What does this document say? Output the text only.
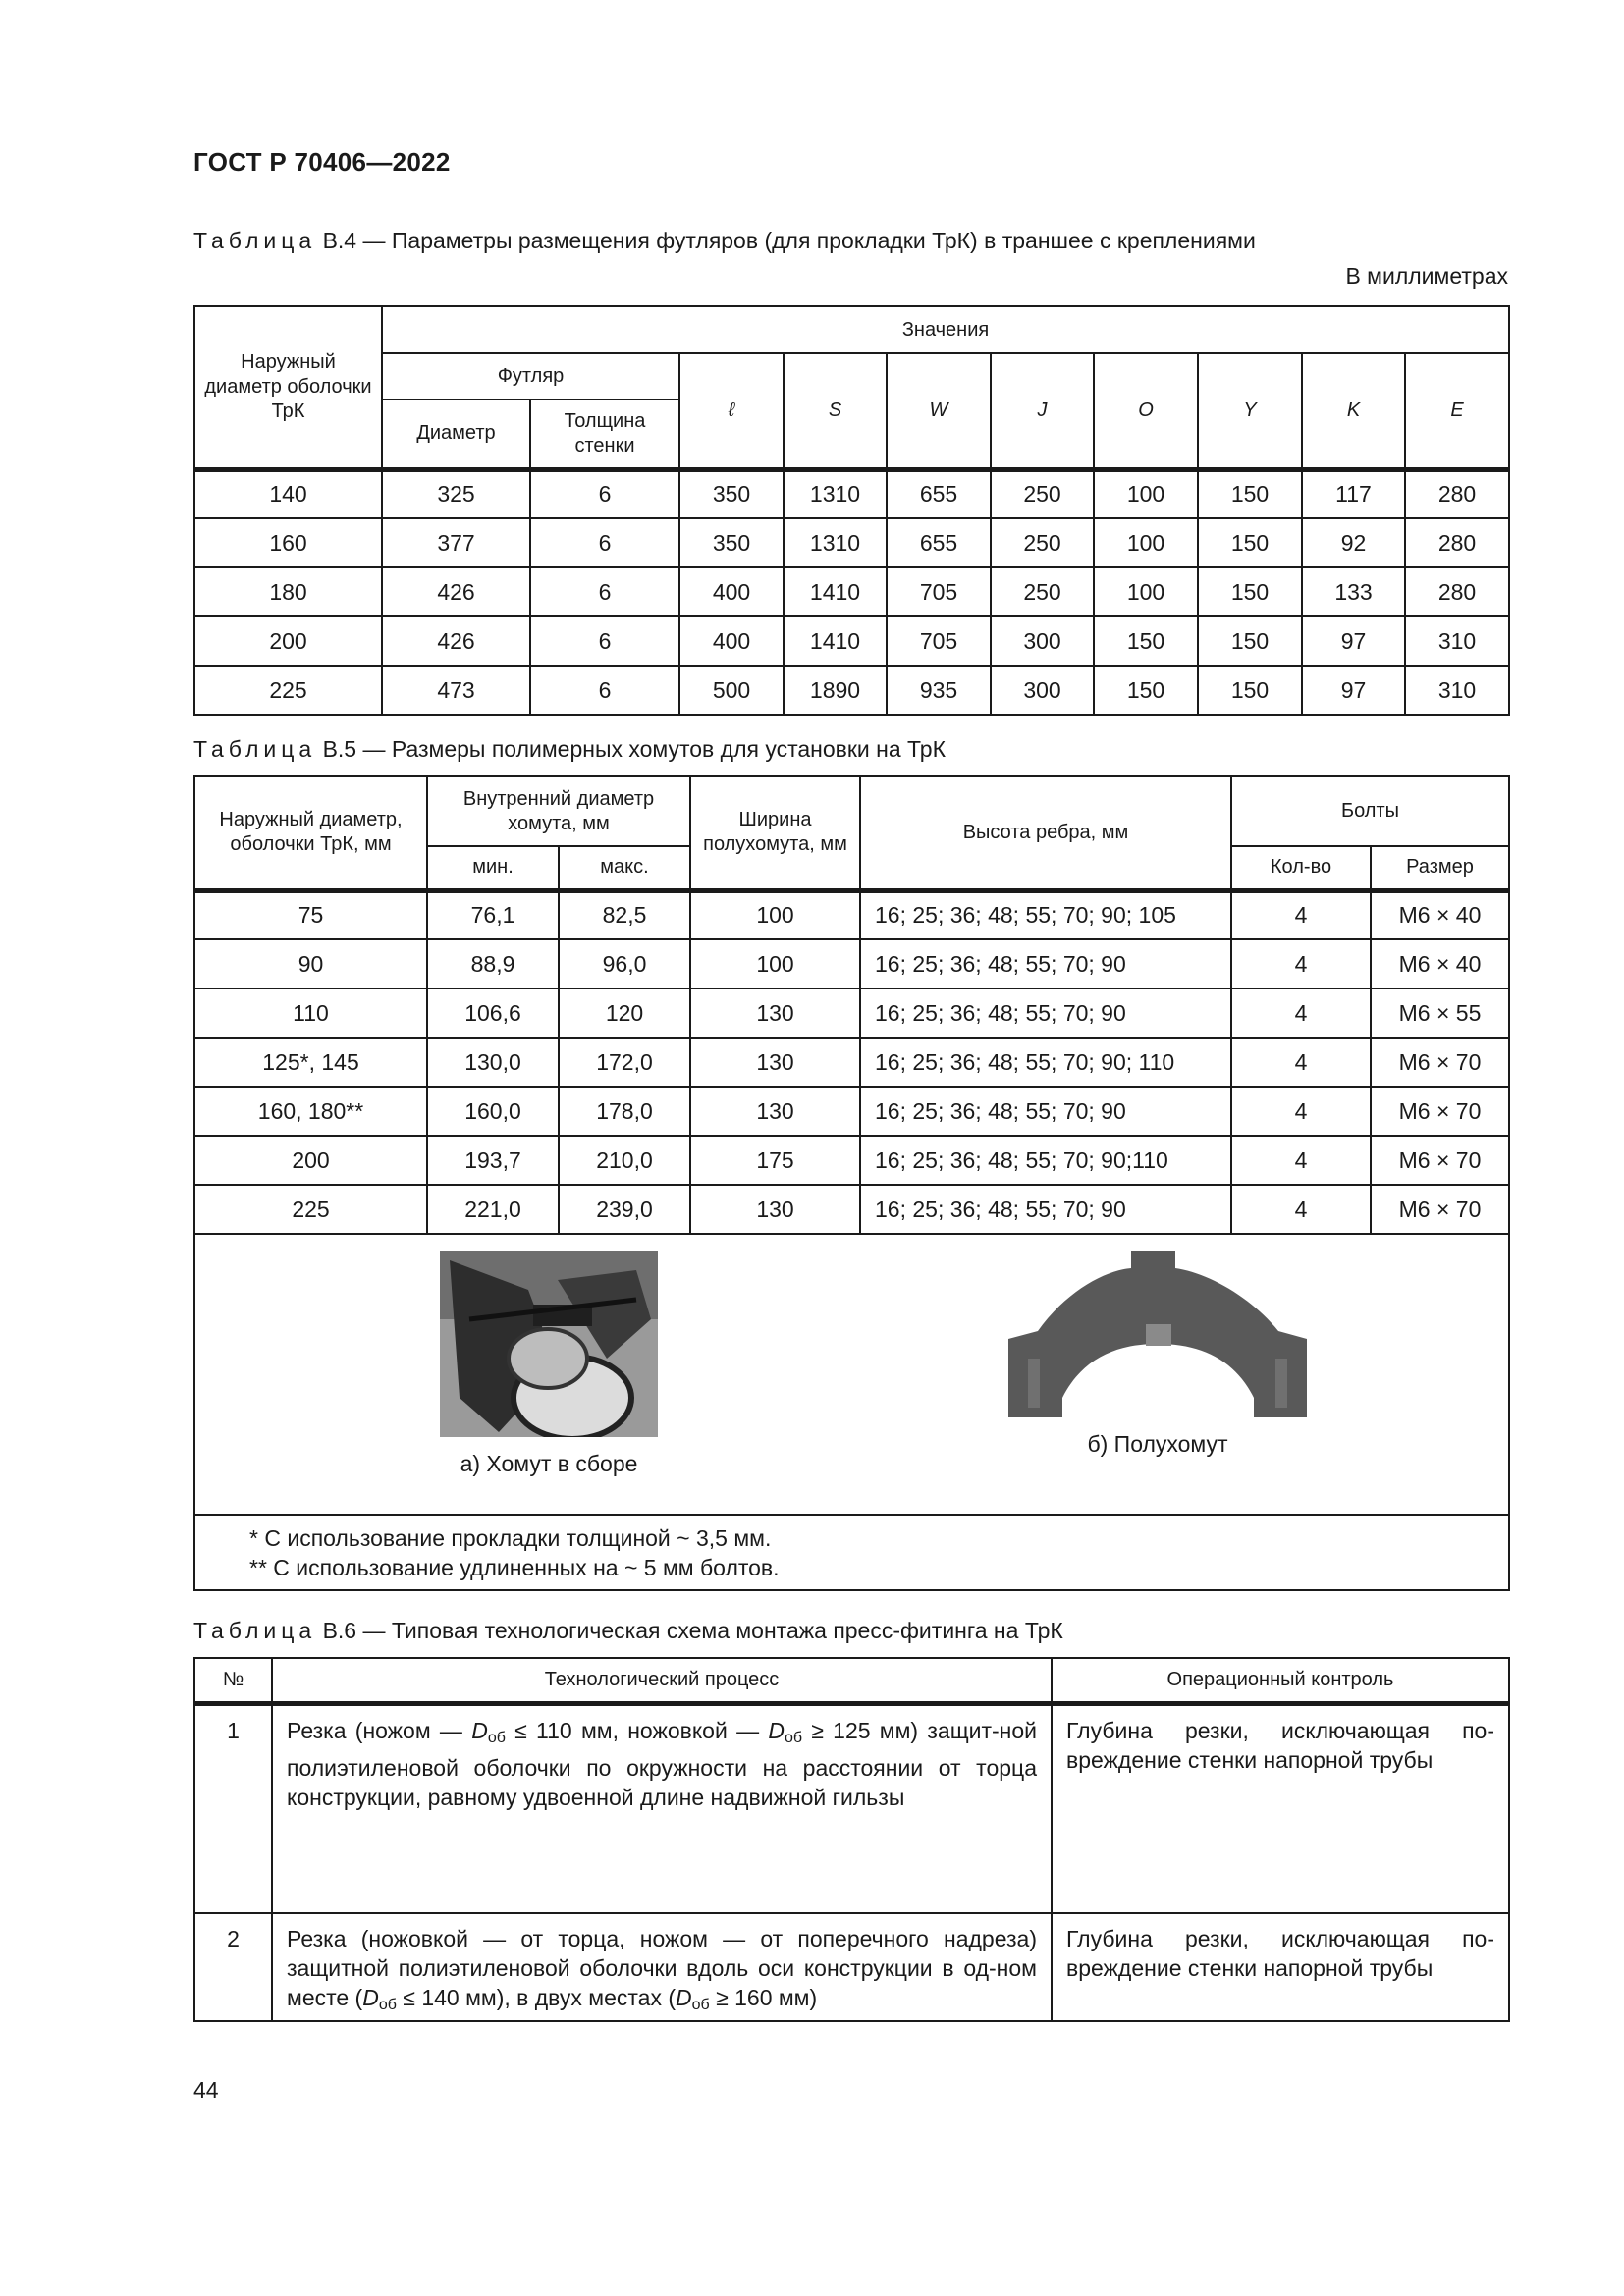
ГОСТ Р 70406—2022
Таблица В.4 — Параметры размещения футляров (для прокладки ТрК) в траншее с креплениями
В миллиметрах
Наружный диаметр оболочки ТрК	Значения									
	Футляр		ℓ	S	W	J	O	Y	K	E
	Диаметр	Толщина стенки								
140	325	6	350	1310	655	250	100	150	117	280
160	377	6	350	1310	655	250	100	150	92	280
180	426	6	400	1410	705	250	100	150	133	280
200	426	6	400	1410	705	300	150	150	97	310
225	473	6	500	1890	935	300	150	150	97	310
Таблица В.5 — Размеры полимерных хомутов для установки на ТрК
Наружный диаметр, оболочки ТрК, мм	Внутренний диаметр хомута, мм		Ширина полухомута, мм	Высота ребра, мм	Болты	
	мин.	макс.			Кол-во	Размер
75	76,1	82,5	100	16; 25; 36; 48; 55; 70; 90; 105	4	М6 × 40
90	88,9	96,0	100	16; 25; 36; 48; 55; 70; 90	4	М6 × 40
110	106,6	120	130	16; 25; 36; 48; 55; 70; 90	4	М6 × 55
125*, 145	130,0	172,0	130	16; 25; 36; 48; 55; 70; 90; 110	4	М6 × 70
160, 180**	160,0	178,0	130	16; 25; 36; 48; 55; 70; 90	4	М6 × 70
200	193,7	210,0	175	16; 25; 36; 48; 55; 70; 90;110	4	М6 × 70
225	221,0	239,0	130	16; 25; 36; 48; 55; 70; 90	4	М6 × 70

а) Хомут в сборе
б) Полухомут						

* С использование прокладки толщиной ~ 3,5 мм.
** С использование удлиненных на ~ 5 мм болтов.						
Таблица В.6 — Типовая технологическая схема монтажа пресс-фитинга на ТрК
№	Технологический процесс	Операционный контроль
1	Резка (ножом — $D_{об} \le 110$ мм, ножовкой — $D_{об} \ge 125$ мм) защит-ной полиэтиленовой оболочки по окружности на расстоянии от торца конструкции, равному удвоенной длине надвижной гильзы	Глубина резки, исключающая по-вреждение стенки напорной трубы
2	Резка (ножовкой — от торца, ножом — от поперечного надреза) защитной полиэтиленовой оболочки вдоль оси конструкции в од-ном месте ($D_{об} \le 140$ мм), в двух местах ($D_{об} \ge 160$ мм)	Глубина резки, исключающая по-вреждение стенки напорной трубы
44
